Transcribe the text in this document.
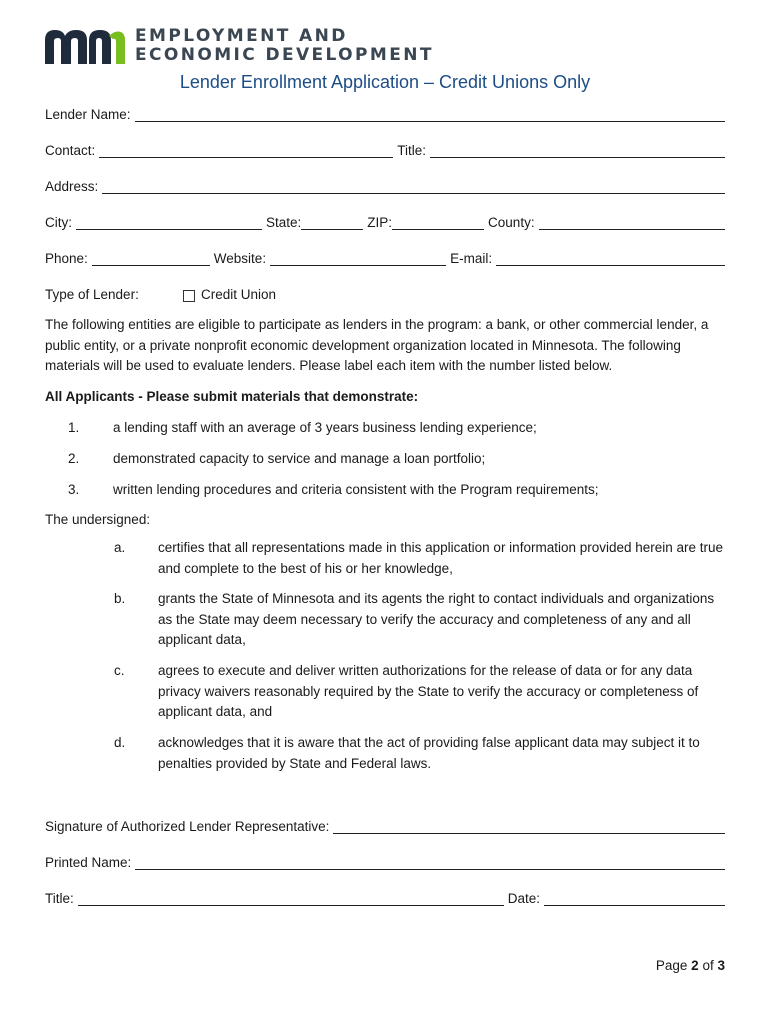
EMPLOYMENT AND
ECONOMIC DEVELOPMENT
Lender Enrollment Application – Credit Unions Only
Lender Name:
Contact:	Title:
Address:
City:	State:	ZIP:	County:
Phone:	Website:	E-mail:
Type of Lender:	Credit Union
The following entities are eligible to participate as lenders in the program: a bank, or other commercial lender, a public entity, or a private nonprofit economic development organization located in Minnesota. The following materials will be used to evaluate lenders. Please label each item with the number listed below.
All Applicants - Please submit materials that demonstrate:
1.	a lending staff with an average of 3 years business lending experience;
2.	demonstrated capacity to service and manage a loan portfolio;
3.	written lending procedures and criteria consistent with the Program requirements;
The undersigned:
a.	certifies that all representations made in this application or information provided herein are true and complete to the best of his or her knowledge,
b.	grants the State of Minnesota and its agents the right to contact individuals and organizations as the State may deem necessary to verify the accuracy and completeness of any and all applicant data,
c.	agrees to execute and deliver written authorizations for the release of data or for any data privacy waivers reasonably required by the State to verify the accuracy or completeness of applicant data, and
d.	acknowledges that it is aware that the act of providing false applicant data may subject it to penalties provided by State and Federal laws.
Signature of Authorized Lender Representative:
Printed Name:
Title:	Date:
Page 2 of 3
